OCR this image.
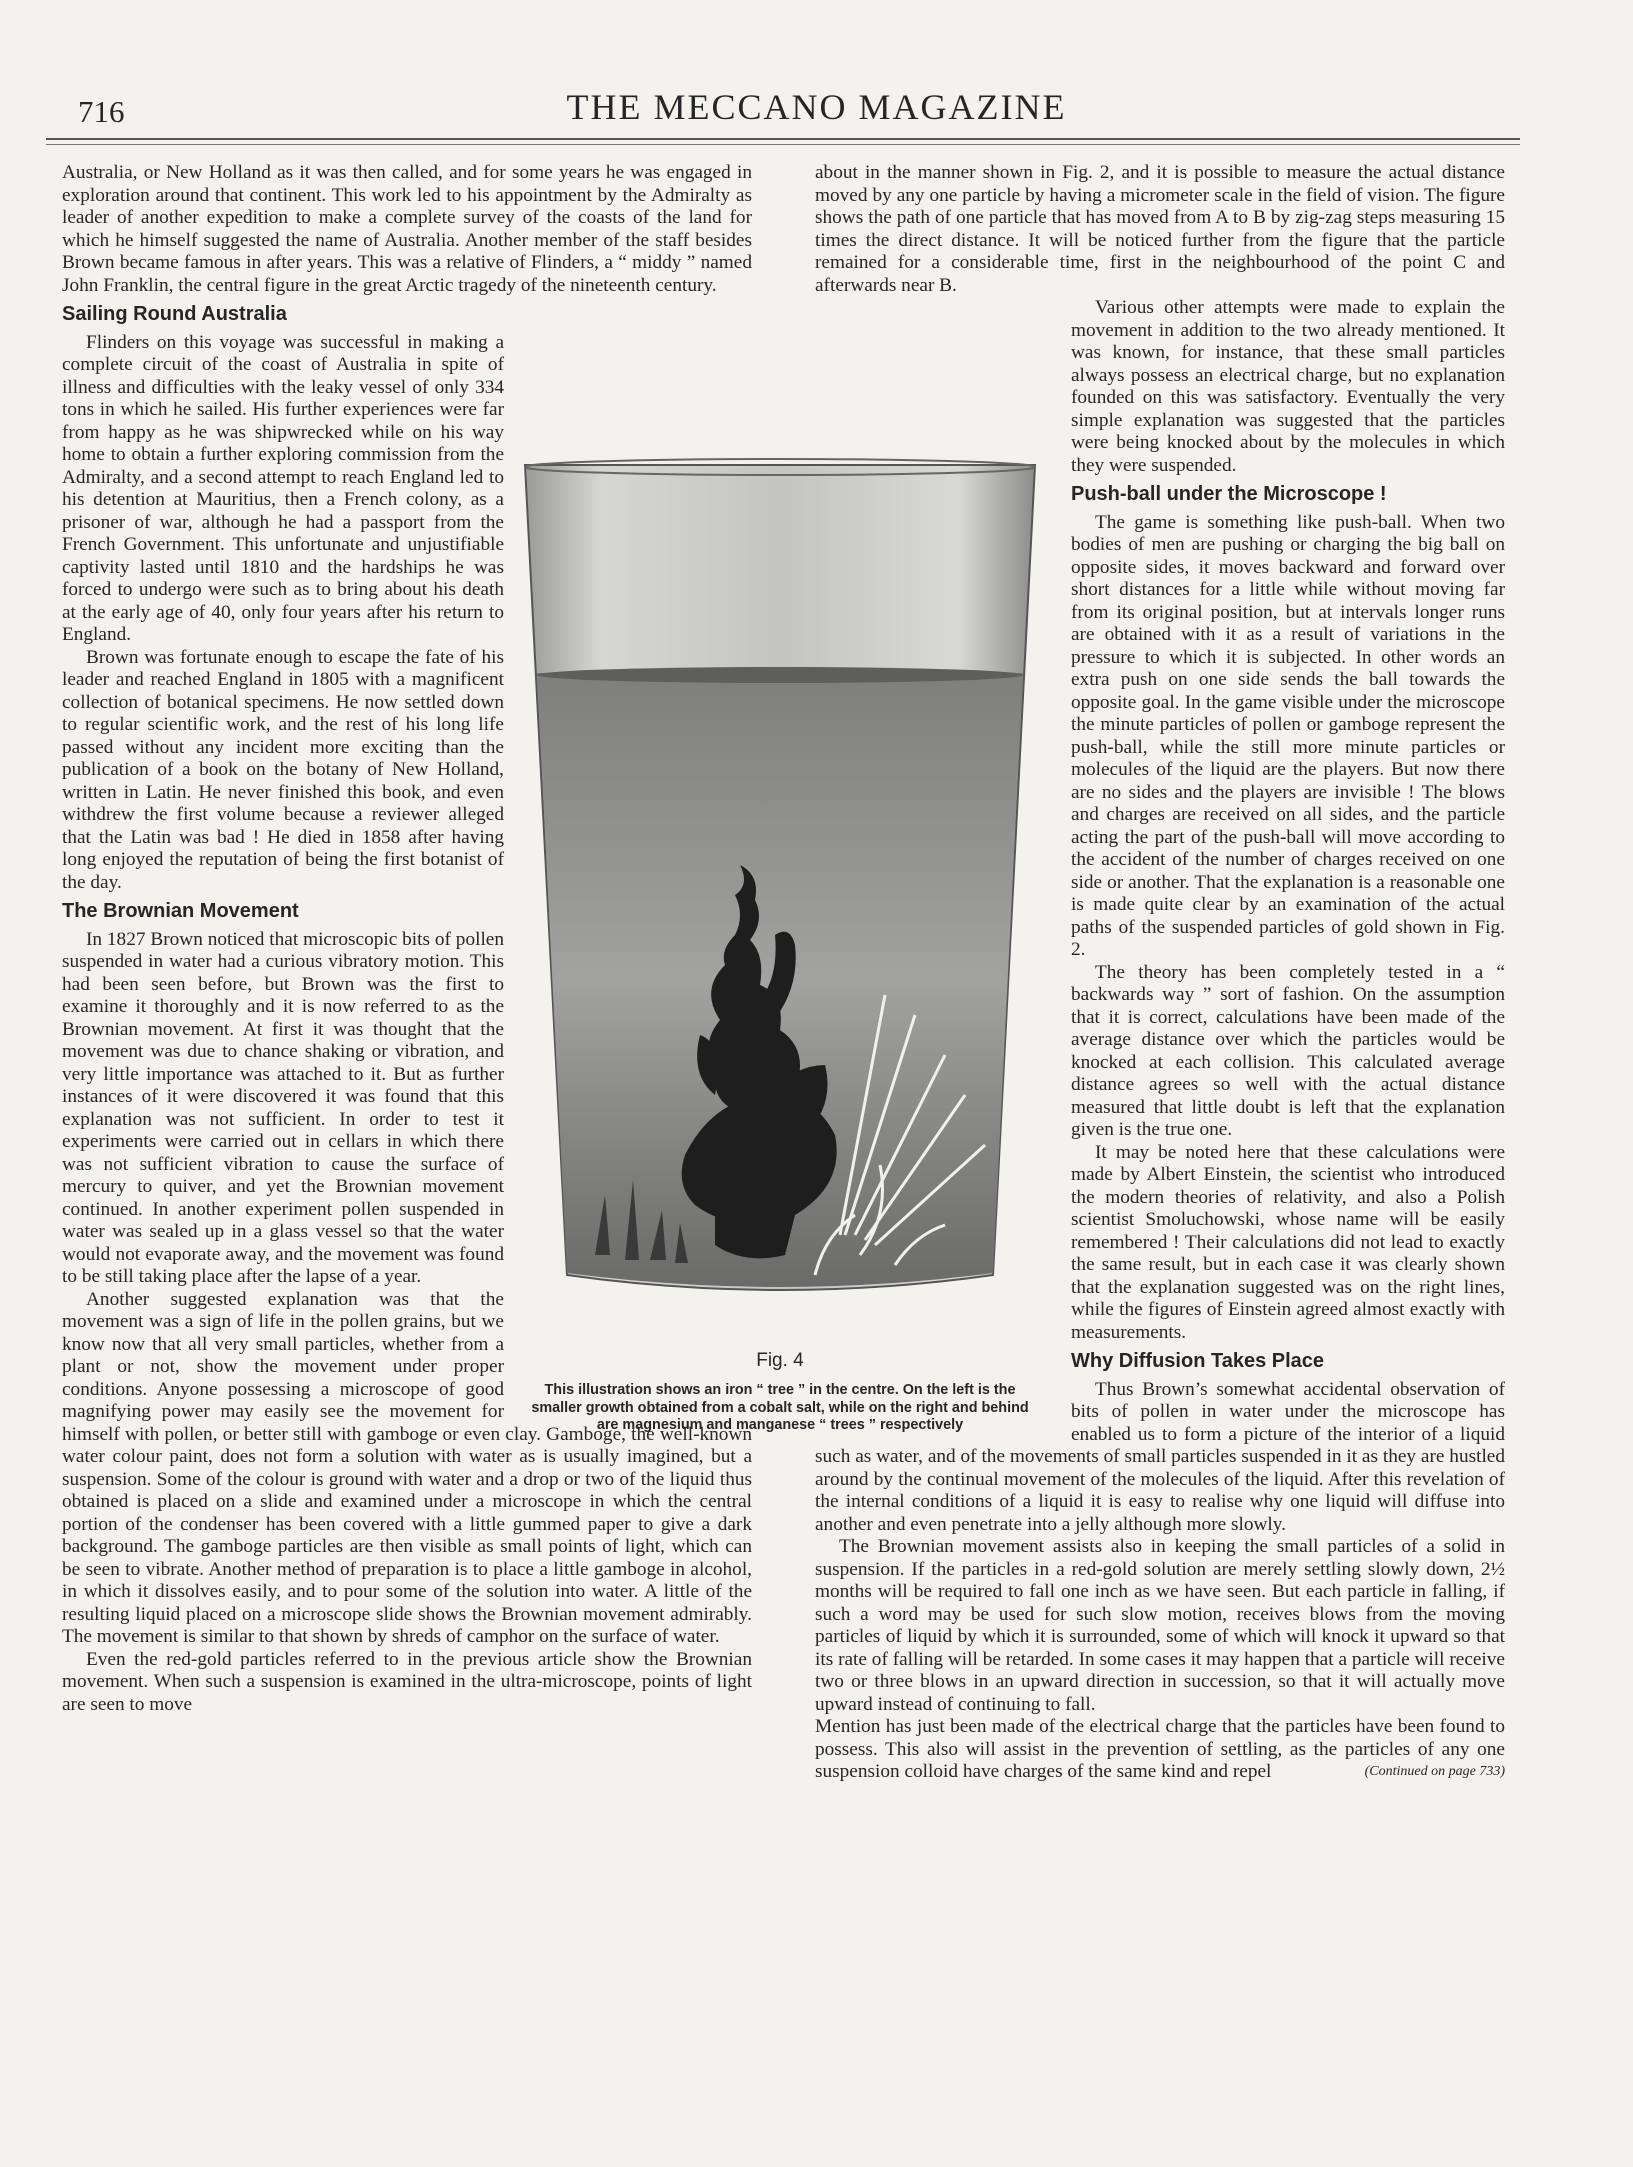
716	THE MECCANO MAGAZINE

Australia, or New Holland as it was then called, and for some years he was engaged in exploration around that continent. This work led to his appointment by the Admiralty as leader of another expedition to make a complete survey of the coasts of the land for which he himself suggested the name of Australia. Another member of the staff besides Brown became famous in after years. This was a relative of Flinders, a “ middy ” named John Franklin, the central figure in the great Arctic tragedy of the nineteenth century.

Sailing Round Australia

Flinders on this voyage was successful in making a complete circuit of the coast of Australia in spite of illness and difficulties with the leaky vessel of only 334 tons in which he sailed. His further experiences were far from happy as he was shipwrecked while on his way home to obtain a further exploring commission from the Admiralty, and a second attempt to reach England led to his detention at Mauritius, then a French colony, as a prisoner of war, although he had a passport from the French Government. This unfortunate and unjustifiable captivity lasted until 1810 and the hardships he was forced to undergo were such as to bring about his death at the early age of 40, only four years after his return to England.

Brown was fortunate enough to escape the fate of his leader and reached England in 1805 with a magnificent collection of botanical specimens. He now settled down to regular scientific work, and the rest of his long life passed without any incident more exciting than the publication of a book on the botany of New Holland, written in Latin. He never finished this book, and even withdrew the first volume because a reviewer alleged that the Latin was bad ! He died in 1858 after having long enjoyed the reputation of being the first botanist of the day.

The Brownian Movement

In 1827 Brown noticed that microscopic bits of pollen suspended in water had a curious vibratory motion. This had been seen before, but Brown was the first to examine it thoroughly and it is now referred to as the Brownian movement. At first it was thought that the movement was due to chance shaking or vibration, and very little importance was attached to it. But as further instances of it were discovered it was found that this explanation was not sufficient. In order to test it experiments were carried out in cellars in which there was not sufficient vibration to cause the surface of mercury to quiver, and yet the Brownian movement continued. In another experiment pollen suspended in water was sealed up in a glass vessel so that the water would not evaporate away, and the movement was found to be still taking place after the lapse of a year.

Another suggested explanation was that the movement was a sign of life in the pollen grains, but we know now that all very small particles, whether from a plant or not, show the movement under proper conditions. Anyone possessing a microscope of good magnifying power may easily see the movement for himself with pollen, or better still with gamboge or even clay. Gamboge, the well-known water colour paint, does not form a solution with water as is usually imagined, but a suspension. Some of the colour is ground with water and a drop or two of the liquid thus obtained is placed on a slide and examined under a microscope in which the central portion of the condenser has been covered with a little gummed paper to give a dark background. The gamboge particles are then visible as small points of light, which can be seen to vibrate. Another method of preparation is to place a little gamboge in alcohol, in which it dissolves easily, and to pour some of the solution into water. A little of the resulting liquid placed on a microscope slide shows the Brownian movement admirably. The movement is similar to that shown by shreds of camphor on the surface of water.

Even the red-gold particles referred to in the previous article show the Brownian movement. When such a suspension is examined in the ultra-microscope, points of light are seen to move

about in the manner shown in Fig. 2, and it is possible to measure the actual distance moved by any one particle by having a micrometer scale in the field of vision. The figure shows the path of one particle that has moved from A to B by zig-zag steps measuring 15 times the direct distance. It will be noticed further from the figure that the particle remained for a considerable time, first in the neighbourhood of the point C and afterwards near B.

Various other attempts were made to explain the movement in addition to the two already mentioned. It was known, for instance, that these small particles always possess an electrical charge, but no explanation founded on this was satisfactory. Eventually the very simple explanation was suggested that the particles were being knocked about by the molecules in which they were suspended.

Push-ball under the Microscope !

The game is something like push-ball. When two bodies of men are pushing or charging the big ball on opposite sides, it moves backward and forward over short distances for a little while without moving far from its original position, but at intervals longer runs are obtained with it as a result of variations in the pressure to which it is subjected. In other words an extra push on one side sends the ball towards the opposite goal. In the game visible under the microscope the minute particles of pollen or gamboge represent the push-ball, while the still more minute particles or molecules of the liquid are the players. But now there are no sides and the players are invisible ! The blows and charges are received on all sides, and the particle acting the part of the push-ball will move according to the accident of the number of charges received on one side or another. That the explanation is a reasonable one is made quite clear by an examination of the actual paths of the suspended particles of gold shown in Fig. 2.

The theory has been completely tested in a “ backwards way ” sort of fashion. On the assumption that it is correct, calculations have been made of the average distance over which the particles would be knocked at each collision. This calculated average distance agrees so well with the actual distance measured that little doubt is left that the explanation given is the true one.

It may be noted here that these calculations were made by Albert Einstein, the scientist who introduced the modern theories of relativity, and also a Polish scientist Smoluchowski, whose name will be easily remembered ! Their calculations did not lead to exactly the same result, but in each case it was clearly shown that the explanation suggested was on the right lines, while the figures of Einstein agreed almost exactly with measurements.

Why Diffusion Takes Place

Thus Brown’s somewhat accidental observation of bits of pollen in water under the microscope has enabled us to form a picture of the interior of a liquid such as water, and of the movements of small particles suspended in it as they are hustled around by the continual movement of the molecules of the liquid. After this revelation of the internal conditions of a liquid it is easy to realise why one liquid will diffuse into another and even penetrate into a jelly although more slowly.

The Brownian movement assists also in keeping the small particles of a solid in suspension. If the particles in a red-gold solution are merely settling slowly down, 2½ months will be required to fall one inch as we have seen. But each particle in falling, if such a word may be used for such slow motion, receives blows from the moving particles of liquid by which it is surrounded, some of which will knock it upward so that its rate of falling will be retarded. In some cases it may happen that a particle will receive two or three blows in an upward direction in succession, so that it will actually move upward instead of continuing to fall.

Mention has just been made of the electrical charge that the particles have been found to possess. This also will assist in the prevention of settling, as the particles of any one suspension colloid have charges of the same kind and repel	(Continued on page 733)
Fig. 4
This illustration shows an iron “ tree ” in the centre. On the left is the smaller growth obtained from a cobalt salt, while on the right and behind are magnesium and manganese “ trees ” respectively
